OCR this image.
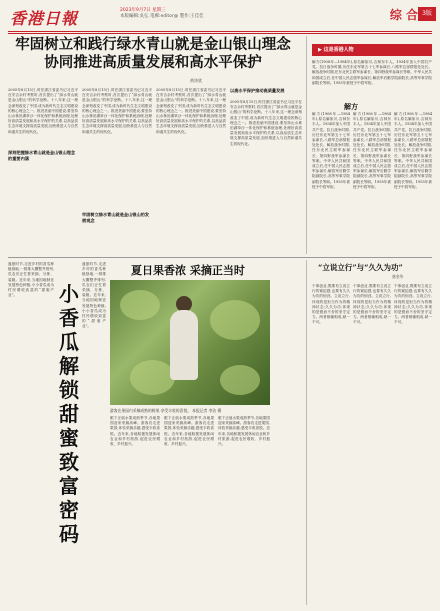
香港日報	2023年9月7日 星期三
本版編輯:吳弘 電郵:editor@ 製作:王佳佳	综 合 3版
牢固树立和践行绿水青山就是金山银山理念
协同推进高质量发展和高水平保护
黄涛欣
2005年8月15日,时任浙江省委书记习近平在安吉余村考察时,首次提出了“绿水青山就是金山银山”的科学论断。十八年来,这一理念深刻改变了中国,成为新时代生态文明建设的核心理念之一。推进美丽中国建设,要坚持山水林田湖草沙一体化保护和系统治理,处理好高质量发展和高水平保护的关系,以高品质生态环境支撑高质量发展,加快推进人与自然和谐共生的现代化。
深刻把握绿水青山就是金山银山理念的重要内涵
2005年8月15日,时任浙江省委书记习近平在安吉余村考察时,首次提出了“绿水青山就是金山银山”的科学论断。十八年来,这一理念深刻改变了中国,成为新时代生态文明建设的核心理念之一。推进美丽中国建设,要坚持山水林田湖草沙一体化保护和系统治理,处理好高质量发展和高水平保护的关系,以高品质生态环境支撑高质量发展,加快推进人与自然和谐共生的现代化。
牢固树立绿水青山就是金山银山的发展观念
2005年8月15日,时任浙江省委书记习近平在安吉余村考察时,首次提出了“绿水青山就是金山银山”的科学论断。十八年来,这一理念深刻改变了中国,成为新时代生态文明建设的核心理念之一。推进美丽中国建设,要坚持山水林田湖草沙一体化保护和系统治理,处理好高质量发展和高水平保护的关系,以高品质生态环境支撑高质量发展,加快推进人与自然和谐共生的现代化。
以高水平保护推动高质量发展
2005年8月15日,时任浙江省委书记习近平在安吉余村考察时,首次提出了“绿水青山就是金山银山”的科学论断。十八年来,这一理念深刻改变了中国,成为新时代生态文明建设的核心理念之一。推进美丽中国建设,要坚持山水林田湖草沙一体化保护和系统治理,处理好高质量发展和高水平保护的关系,以高品质生态环境支撑高质量发展,加快推进人与自然和谐共生的现代化。
▶ 这是香港人物
解方(1908年—1984年),原名解如川,吉林东丰人。1934年加入中国共产党。抗日战争时期,历任东北军第五十七军参谋长,八路军总部情报处处长。解放战争时期,任东北民主联军参谋长、第四野战军参谋长等职。中华人民共和国成立后,任中国人民志愿军参谋长,解放军后勤学院副院长,高等军事学院副院长等职。1955年被授予中将军衔。
解方
解方(1908年—1984年),原名解如川,吉林东丰人。1934年加入中国共产党。抗日战争时期,历任东北军第五十七军参谋长,八路军总部情报处处长。解放战争时期,任东北民主联军参谋长、第四野战军参谋长等职。中华人民共和国成立后,任中国人民志愿军参谋长,解放军后勤学院副院长,高等军事学院副院长等职。1955年被授予中将军衔。
解方(1908年—1984年),原名解如川,吉林东丰人。1934年加入中国共产党。抗日战争时期,历任东北军第五十七军参谋长,八路军总部情报处处长。解放战争时期,任东北民主联军参谋长、第四野战军参谋长等职。中华人民共和国成立后,任中国人民志愿军参谋长,解放军后勤学院副院长,高等军事学院副院长等职。1955年被授予中将军衔。
解方(1908年—1984年),原名解如川,吉林东丰人。1934年加入中国共产党。抗日战争时期,历任东北军第五十七军参谋长,八路军总部情报处处长。解放战争时期,任东北民主联军参谋长、第四野战军参谋长等职。中华人民共和国成立后,任中国人民志愿军参谋长,解放军后勤学院副院长,高等军事学院副院长等职。1955年被授予中将军衔。
盛夏时节,走进乡村的香瓜种植基地,一排排大棚整齐排列,瓜农们正忙着采摘、分拣、装箱。近年来,当地因地制宜发展特色种植,小小香瓜成为村民增收致富的“甜蜜产业”。	小香瓜解锁甜蜜致富密码
盛夏时节,走进乡村的香瓜种植基地,一排排大棚整齐排列,瓜农们正忙着采摘、分拣、装箱。近年来,当地因地制宜发展特色种植,小小香瓜成为村民增收致富的“甜蜜产业”。
夏日果香浓 采摘正当时
游客在果园内采摘成熟的鲜果,享受丰收的喜悦。 本报记者 李洁 摄
眼下正值水果成熟季节,各地果园迎来采摘高峰。游客们走进果园,体验采摘乐趣,感受丰收喜悦。近年来,各地积极发展休闲农业和乡村旅游,促进农民增收、乡村振兴。
眼下正值水果成熟季节,各地果园迎来采摘高峰。游客们走进果园,体验采摘乐趣,感受丰收喜悦。近年来,各地积极发展休闲农业和乡村旅游,促进农民增收、乡村振兴。
眼下正值水果成熟季节,各地果园迎来采摘高峰。游客们走进果园,体验采摘乐趣,感受丰收喜悦。近年来,各地积极发展休闲农业和乡村旅游,促进农民增收、乡村振兴。
“立说立行”与“久久为功”
唐金华
干事创业,既要有立说立行的紧迫感,也要有久久为功的韧劲。立说立行,体现的是担当作为的精神状态;久久为功,体现的是锲而不舍的坚守定力。两者相辅相成,缺一不可。
干事创业,既要有立说立行的紧迫感,也要有久久为功的韧劲。立说立行,体现的是担当作为的精神状态;久久为功,体现的是锲而不舍的坚守定力。两者相辅相成,缺一不可。
干事创业,既要有立说立行的紧迫感,也要有久久为功的韧劲。立说立行,体现的是担当作为的精神状态;久久为功,体现的是锲而不舍的坚守定力。两者相辅相成,缺一不可。
